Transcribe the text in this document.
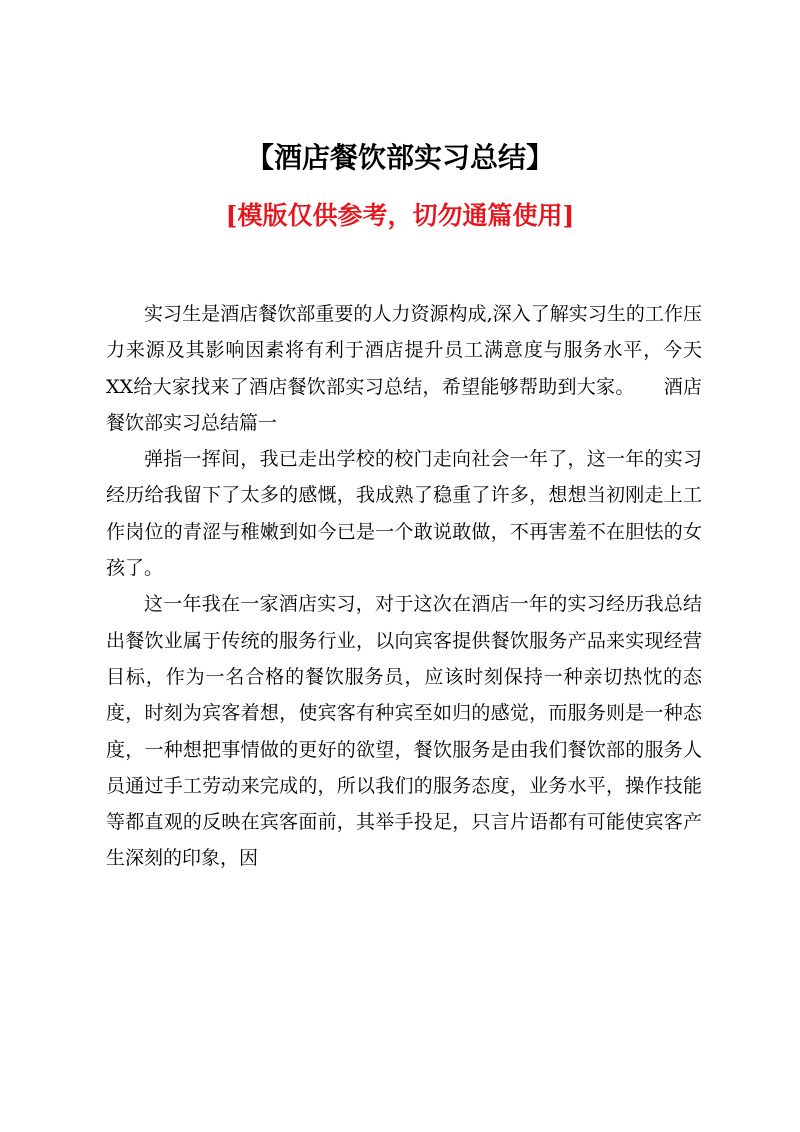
【酒店餐饮部实习总结】
[模版仅供参考，切勿通篇使用]

实习生是酒店餐饮部重要的人力资源构成,深入了解实习生的工作压力来源及其影响因素将有利于酒店提升员工满意度与服务水平，今天XX给大家找来了酒店餐饮部实习总结，希望能够帮助到大家。　　酒店餐饮部实习总结篇一

弹指一挥间，我已走出学校的校门走向社会一年了，这一年的实习经历给我留下了太多的感慨，我成熟了稳重了许多，想想当初刚走上工作岗位的青涩与稚嫩到如今已是一个敢说敢做，不再害羞不在胆怯的女孩了。

这一年我在一家酒店实习，对于这次在酒店一年的实习经历我总结出餐饮业属于传统的服务行业，以向宾客提供餐饮服务产品来实现经营目标，作为一名合格的餐饮服务员，应该时刻保持一种亲切热忱的态度，时刻为宾客着想，使宾客有种宾至如归的感觉，而服务则是一种态度，一种想把事情做的更好的欲望，餐饮服务是由我们餐饮部的服务人员通过手工劳动来完成的，所以我们的服务态度，业务水平，操作技能等都直观的反映在宾客面前，其举手投足，只言片语都有可能使宾客产生深刻的印象，因
